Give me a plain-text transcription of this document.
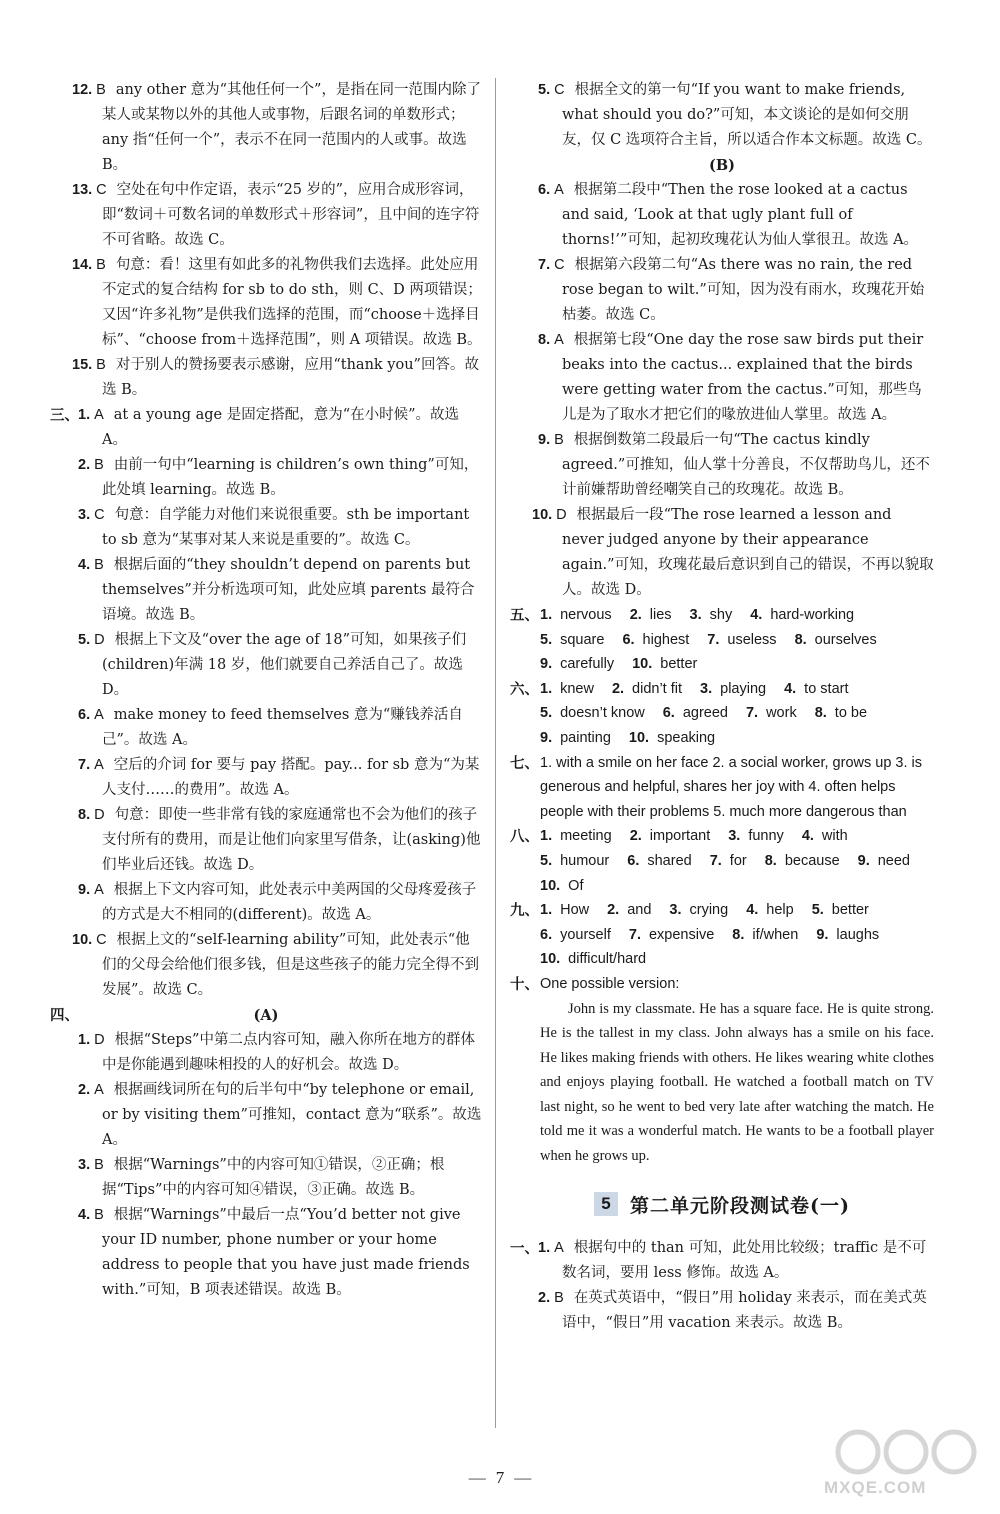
12. B any other 意为“其他任何一个”，是指在同一范围内除了某人或某物以外的其他人或事物，后跟名词的单数形式；any 指“任何一个”，表示不在同一范围内的人或事。故选 B。
13. C 空处在句中作定语，表示“25 岁的”，应用合成形容词，即“数词＋可数名词的单数形式＋形容词”，且中间的连字符不可省略。故选 C。
14. B 句意：看！这里有如此多的礼物供我们去选择。此处应用不定式的复合结构 for sb to do sth，则 C、D 两项错误；又因“许多礼物”是供我们选择的范围，而“choose＋选择目标”、“choose from＋选择范围”，则 A 项错误。故选 B。
15. B 对于别人的赞扬要表示感谢，应用“thank you”回答。故选 B。
三、 1. A at a young age 是固定搭配，意为“在小时候”。故选 A。
2. B 由前一句中“learning is children’s own thing”可知，此处填 learning。故选 B。
3. C 句意：自学能力对他们来说很重要。sth be important to sb 意为“某事对某人来说是重要的”。故选 C。
4. B 根据后面的“they shouldn’t depend on parents but themselves”并分析选项可知，此处应填 parents 最符合语境。故选 B。
5. D 根据上下文及“over the age of 18”可知，如果孩子们(children)年满 18 岁，他们就要自己养活自己了。故选 D。
6. A make money to feed themselves 意为“赚钱养活自己”。故选 A。
7. A 空后的介词 for 要与 pay 搭配。pay... for sb 意为“为某人支付……的费用”。故选 A。
8. D 句意：即使一些非常有钱的家庭通常也不会为他们的孩子支付所有的费用，而是让他们向家里写借条，让(asking)他们毕业后还钱。故选 D。
9. A 根据上下文内容可知，此处表示中美两国的父母疼爱孩子的方式是大不相同的(different)。故选 A。
10. C 根据上文的“self-learning ability”可知，此处表示“他们的父母会给他们很多钱，但是这些孩子的能力完全得不到发展”。故选 C。
四、	(A)
1. D 根据“Steps”中第二点内容可知，融入你所在地方的群体中是你能遇到趣味相投的人的好机会。故选 D。
2. A 根据画线词所在句的后半句中“by telephone or email, or by visiting them”可推知，contact 意为“联系”。故选 A。
3. B 根据“Warnings”中的内容可知①错误，②正确；根据“Tips”中的内容可知④错误，③正确。故选 B。
4. B 根据“Warnings”中最后一点“You’d better not give your ID number, phone number or your home address to people that you have just made friends with.”可知，B 项表述错误。故选 B。
5. C 根据全文的第一句“If you want to make friends, what should you do?”可知，本文谈论的是如何交朋友，仅 C 选项符合主旨，所以适合作本文标题。故选 C。
(B)
6. A 根据第二段中“Then the rose looked at a cactus and said, ‘Look at that ugly plant full of thorns!’”可知，起初玫瑰花认为仙人掌很丑。故选 A。
7. C 根据第六段第二句“As there was no rain, the red rose began to wilt.”可知，因为没有雨水，玫瑰花开始枯萎。故选 C。
8. A 根据第七段“One day the rose saw birds put their beaks into the cactus... explained that the birds were getting water from the cactus.”可知，那些鸟儿是为了取水才把它们的喙放进仙人掌里。故选 A。
9. B 根据倒数第二段最后一句“The cactus kindly agreed.”可推知，仙人掌十分善良，不仅帮助鸟儿，还不计前嫌帮助曾经嘲笑自己的玫瑰花。故选 B。
10. D 根据最后一段“The rose learned a lesson and never judged anyone by their appearance again.”可知，玫瑰花最后意识到自己的错误，不再以貌取人。故选 D。
五、 1. nervous 2. lies 3. shy 4. hard-working
5. square 6. highest 7. useless 8. ourselves
9. carefully 10. better
六、 1. knew 2. didn’t fit 3. playing 4. to start
5. doesn’t know 6. agreed 7. work 8. to be
9. painting 10. speaking
七、 1. with a smile on her face 2. a social worker, grows up 3. is generous and helpful, shares her joy with 4. often helps people with their problems 5. much more dangerous than
八、 1. meeting 2. important 3. funny 4. with
5. humour 6. shared 7. for 8. because 9. need
10. Of
九、 1. How 2. and 3. crying 4. help 5. better
6. yourself 7. expensive 8. if/when 9. laughs
10. difficult/hard
十、 One possible version:

John is my classmate. He has a square face. He is quite strong. He is the tallest in my class. John always has a smile on his face. He likes making friends with others. He likes wearing white clothes and enjoys playing football. He watched a football match on TV last night, so he went to bed very late after watching the match. He told me it was a wonderful match. He wants to be a football player when he grows up.

5	第二单元阶段测试卷(一)
一、 1. A 根据句中的 than 可知，此处用比较级；traffic 是不可数名词，要用 less 修饰。故选 A。
2. B 在英式英语中，“假日”用 holiday 来表示，而在美式英语中，“假日”用 vacation 来表示。故选 B。
— 7 —
MXQE.COM
